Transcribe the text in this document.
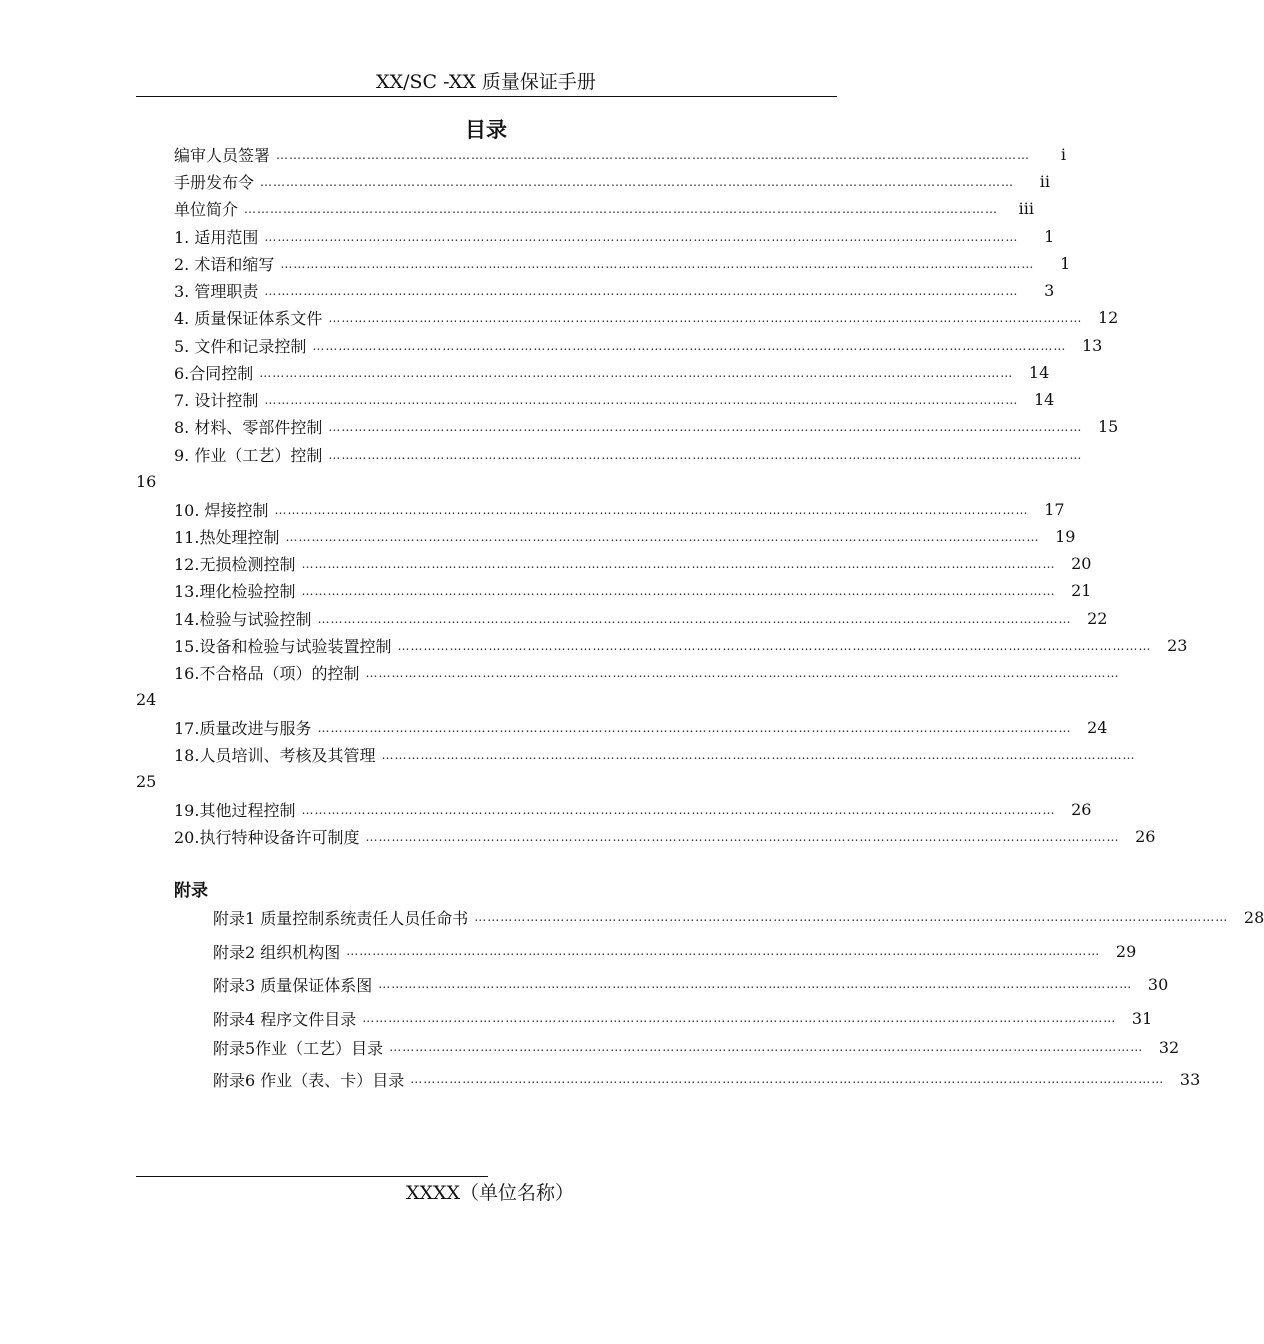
XX/SC -XX 质量保证手册
目录
编审人员签署 …………………………………………………………………………………………………………………………………………………………	i
手册发布令 …………………………………………………………………………………………………………………………………………………………	ii
单位简介 …………………………………………………………………………………………………………………………………………………………	iii
1. 适用范围 …………………………………………………………………………………………………………………………………………………………	1
2. 术语和缩写 …………………………………………………………………………………………………………………………………………………………	1
3. 管理职责 …………………………………………………………………………………………………………………………………………………………	3
4. 质量保证体系文件 ………………………………………………………………………………………………………………………………………………………… 12
5. 文件和记录控制 ………………………………………………………………………………………………………………………………………………………… 13
6.合同控制 ………………………………………………………………………………………………………………………………………………………… 14
7. 设计控制 ………………………………………………………………………………………………………………………………………………………… 14
8. 材料、零部件控制 ………………………………………………………………………………………………………………………………………………………… 15
9. 作业（工艺）控制 …………………………………………………………………………………………………………………………………………………………
16
10. 焊接控制 ………………………………………………………………………………………………………………………………………………………… 17
11.热处理控制 ………………………………………………………………………………………………………………………………………………………… 19
12.无损检测控制 ………………………………………………………………………………………………………………………………………………………… 20
13.理化检验控制 ………………………………………………………………………………………………………………………………………………………… 21
14.检验与试验控制 ………………………………………………………………………………………………………………………………………………………… 22
15.设备和检验与试验装置控制 ………………………………………………………………………………………………………………………………………………………… 23
16.不合格品（项）的控制 …………………………………………………………………………………………………………………………………………………………
24
17.质量改进与服务 ………………………………………………………………………………………………………………………………………………………… 24
18.人员培训、考核及其管理 …………………………………………………………………………………………………………………………………………………………
25
19.其他过程控制 ………………………………………………………………………………………………………………………………………………………… 26
20.执行特种设备许可制度 ………………………………………………………………………………………………………………………………………………………… 26
附录
附录1 质量控制系统责任人员任命书 ………………………………………………………………………………………………………………………………………………………… 28
附录2 组织机构图 ………………………………………………………………………………………………………………………………………………………… 29
附录3 质量保证体系图 ………………………………………………………………………………………………………………………………………………………… 30
附录4 程序文件目录 ………………………………………………………………………………………………………………………………………………………… 31
附录5作业（工艺）目录 ………………………………………………………………………………………………………………………………………………………… 32
附录6 作业（表、卡）目录 ………………………………………………………………………………………………………………………………………………………… 33
XXXX（单位名称）
